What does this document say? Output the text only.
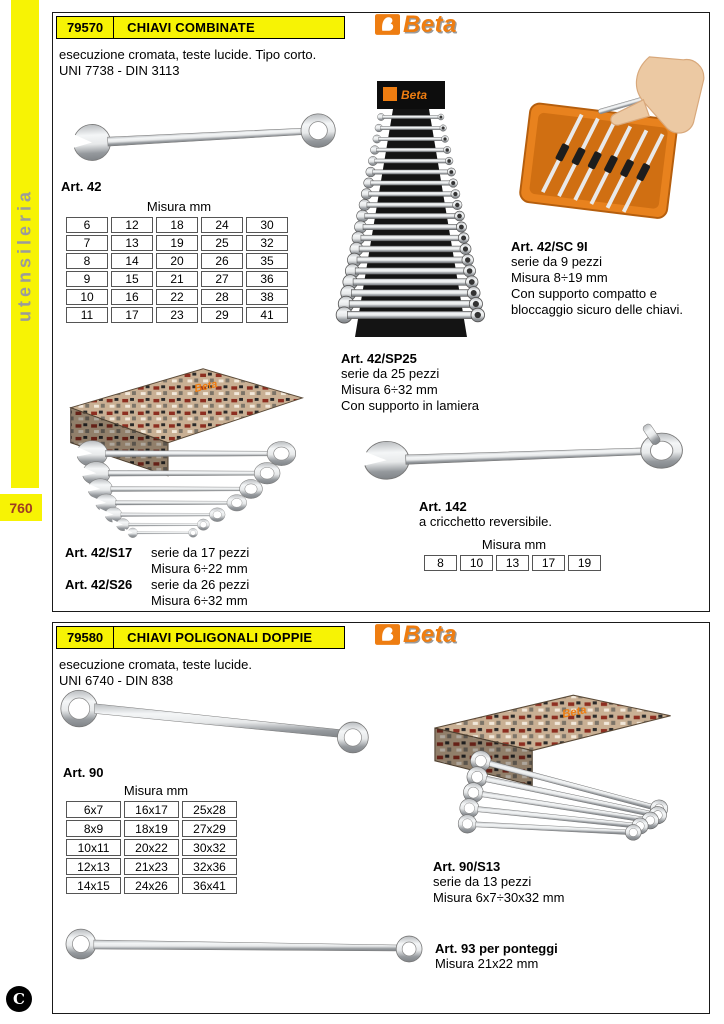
utensileria
760
C
79570	CHIAVI COMBINATE	Beta
esecuzione cromata, teste lucide. Tipo corto.
UNI 7738 - DIN 3113
Art. 42
Misura mm
6	12	18	24	30
7	13	19	25	32
8	14	20	26	35
9	15	21	27	36
10	16	22	28	38
11	17	23	29	41
Beta
Art. 42/SP25
serie da 25 pezzi
Misura 6÷32 mm
Con supporto in lamiera
Art. 42/SC 9I
serie da 9 pezzi
Misura 8÷19 mm
Con supporto compatto e
bloccaggio sicuro delle chiavi.
Beta
Art. 42/S17	serie da 17 pezzi
Misura 6÷22 mm
Art. 42/S26	serie da 26 pezzi
Misura 6÷32 mm
Art. 142
a cricchetto reversibile.
Misura mm
8	10	13	17	19
79580	CHIAVI POLIGONALI DOPPIE	Beta
esecuzione cromata, teste lucide.
UNI 6740 - DIN 838
Art. 90
Misura mm
6x7	16x17	25x28
8x9	18x19	27x29
10x11	20x22	30x32
12x13	21x23	32x36
14x15	24x26	36x41
Beta
Art. 90/S13
serie da 13 pezzi
Misura 6x7÷30x32 mm
Art. 93 per ponteggi
Misura 21x22 mm
